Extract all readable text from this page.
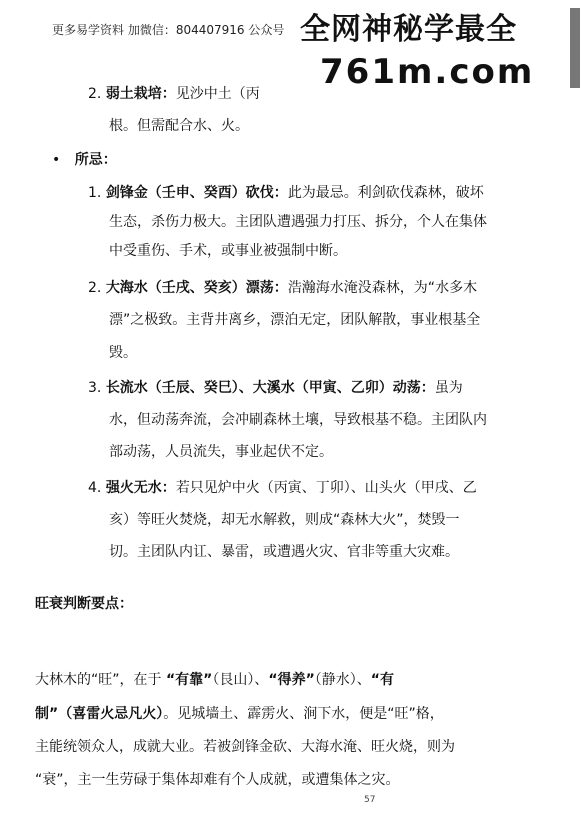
更多易学资料 加微信：804407916 公众号 全网神秘学最全
761m.com
2. 弱土栽培：见沙中土（丙
根。但需配合水、火。
• 所忌：
1. 剑锋金（壬申、癸酉）砍伐：此为最忌。利剑砍伐森林，破坏
生态，杀伤力极大。主团队遭遇强力打压、拆分，个人在集体
中受重伤、手术，或事业被强制中断。
2. 大海水（壬戌、癸亥）漂荡：浩瀚海水淹没森林，为“水多木
漂”之极致。主背井离乡，漂泊无定，团队解散，事业根基全
毁。
3. 长流水（壬辰、癸巳）、大溪水（甲寅、乙卯）动荡：虽为
水，但动荡奔流，会冲刷森林土壤，导致根基不稳。主团队内
部动荡，人员流失，事业起伏不定。
4. 强火无水：若只见炉中火（丙寅、丁卯）、山头火（甲戌、乙
亥）等旺火焚烧，却无水解救，则成“森林大火”，焚毁一
切。主团队内讧、暴雷，或遭遇火灾、官非等重大灾难。
旺衰判断要点：
大林木的“旺”，在于 “有靠”（艮山）、“得养”（静水）、“有
制”（喜雷火忌凡火）。见城墙土、霹雳火、涧下水，便是“旺”格，
主能统领众人，成就大业。若被剑锋金砍、大海水淹、旺火烧，则为
“衰”，主一生劳碌于集体却难有个人成就，或遭集体之灾。
57
